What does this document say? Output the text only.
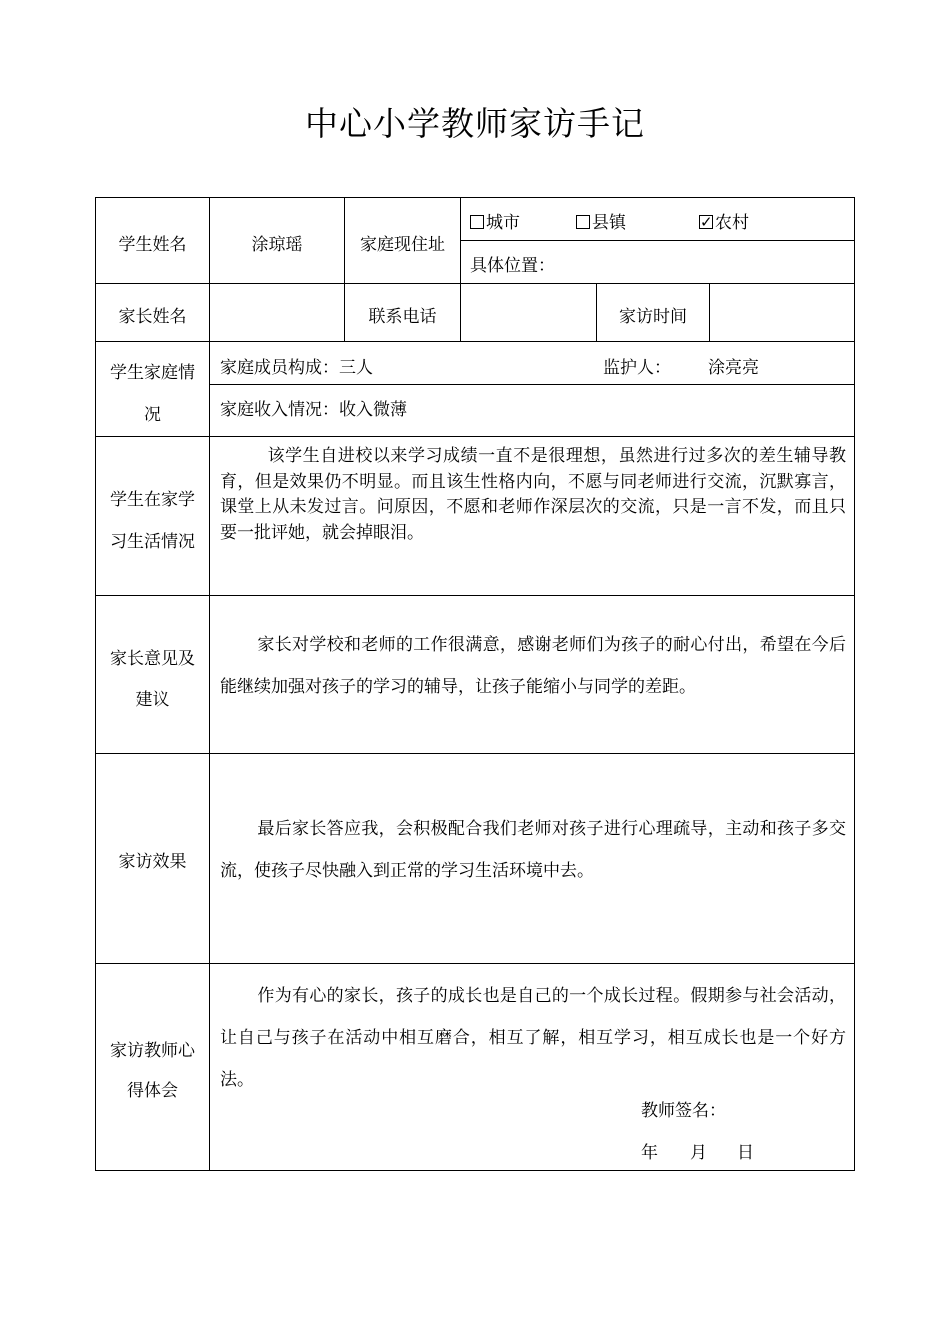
中心小学教师家访手记
学生姓名	涂琼瑶	家庭现住址
城市	县镇
✓	农村
具体位置：
家长姓名	联系电话	家访时间
学生家庭情
况
家庭成员构成：三人	监护人： 涂亮亮
家庭收入情况：收入微薄
学生在家学
习生活情况
该学生自进校以来学习成绩一直不是很理想，虽然进行过多次的差生辅导教育，但是效果仍不明显。而且该生性格内向，不愿与同老师进行交流，沉默寡言，课堂上从未发过言。问原因，不愿和老师作深层次的交流，只是一言不发，而且只要一批评她，就会掉眼泪。
家长意见及
建议
家长对学校和老师的工作很满意，感谢老师们为孩子的耐心付出，希望在今后能继续加强对孩子的学习的辅导，让孩子能缩小与同学的差距。
家访效果
最后家长答应我，会积极配合我们老师对孩子进行心理疏导，主动和孩子多交流，使孩子尽快融入到正常的学习生活环境中去。
家访教师心
得体会
作为有心的家长，孩子的成长也是自己的一个成长过程。假期参与社会活动，让自己与孩子在活动中相互磨合，相互了解，相互学习，相互成长也是一个好方法。
教师签名：
年 月 日
